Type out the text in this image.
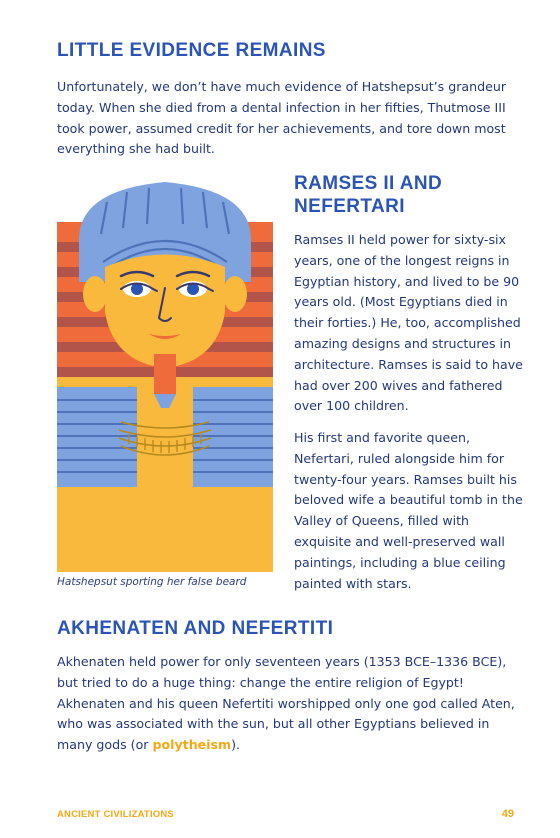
LITTLE EVIDENCE REMAINS

Unfortunately, we don’t have much evidence of Hatshepsut’s grandeur today. When she died from a dental infection in her fifties, Thutmose III took power, assumed credit for her achievements, and tore down most everything she had built.

Hatshepsut sporting her false beard
RAMSES II AND NEFERTARI

Ramses II held power for sixty-six years, one of the longest reigns in Egyptian history, and lived to be 90 years old. (Most Egyptians died in their forties.) He, too, accomplished amazing designs and structures in architecture. Ramses is said to have had over 200 wives and fathered over 100 children.

His first and favorite queen, Nefertari, ruled alongside him for twenty-four years. Ramses built his beloved wife a beautiful tomb in the Valley of Queens, filled with exquisite and well-preserved wall paintings, including a blue ceiling painted with stars.

AKHENATEN AND NEFERTITI

Akhenaten held power for only seventeen years (1353 BCE–1336 BCE), but tried to do a huge thing: change the entire religion of Egypt! Akhenaten and his queen Nefertiti worshipped only one god called Aten, who was associated with the sun, but all other Egyptians believed in many gods (or polytheism).

ANCIENT CIVILIZATIONS	49
